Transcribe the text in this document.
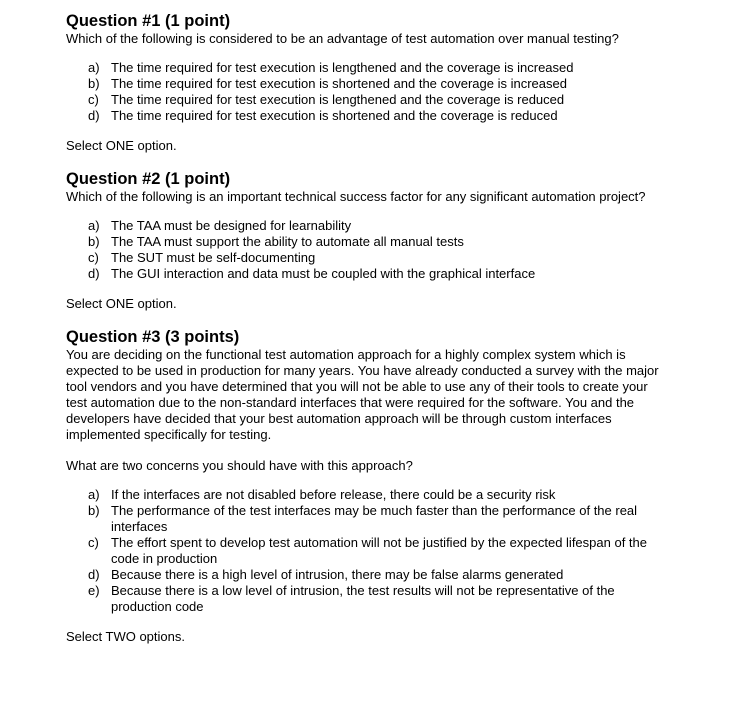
Question #1 (1 point)

Which of the following is considered to be an advantage of test automation over manual testing?

a) The time required for test execution is lengthened and the coverage is increased
b) The time required for test execution is shortened and the coverage is increased
c) The time required for test execution is lengthened and the coverage is reduced
d) The time required for test execution is shortened and the coverage is reduced

Select ONE option.

Question #2 (1 point)

Which of the following is an important technical success factor for any significant automation project?

a) The TAA must be designed for learnability
b) The TAA must support the ability to automate all manual tests
c) The SUT must be self-documenting
d) The GUI interaction and data must be coupled with the graphical interface

Select ONE option.

Question #3 (3 points)

You are deciding on the functional test automation approach for a highly complex system which is expected to be used in production for many years. You have already conducted a survey with the major tool vendors and you have determined that you will not be able to use any of their tools to create your test automation due to the non-standard interfaces that were required for the software. You and the developers have decided that your best automation approach will be through custom interfaces implemented specifically for testing.

What are two concerns you should have with this approach?

a) If the interfaces are not disabled before release, there could be a security risk
b) The performance of the test interfaces may be much faster than the performance of the real interfaces
c) The effort spent to develop test automation will not be justified by the expected lifespan of the code in production
d) Because there is a high level of intrusion, there may be false alarms generated
e) Because there is a low level of intrusion, the test results will not be representative of the production code

Select TWO options.
